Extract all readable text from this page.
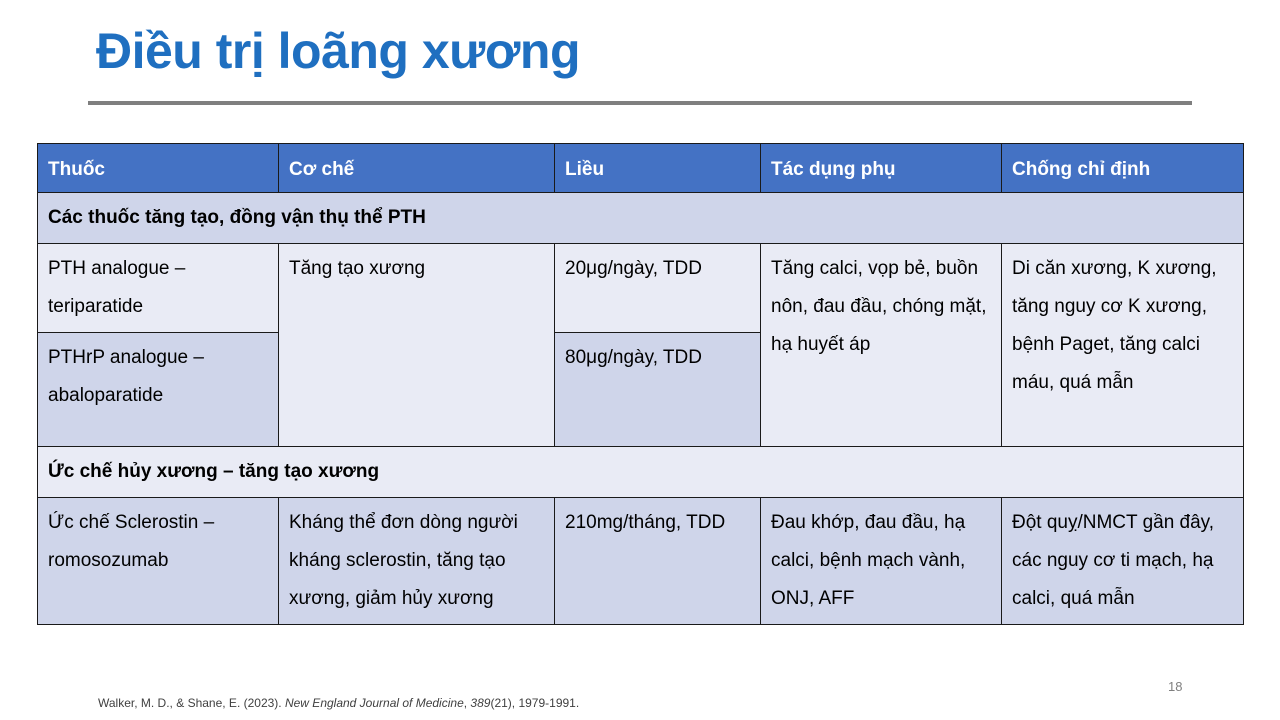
Điều trị loãng xương
Thuốc	Cơ chế	Liều	Tác dụng phụ	Chống chỉ định
Các thuốc tăng tạo, đồng vận thụ thể PTH				
PTH analogue – teriparatide	Tăng tạo xương	20μg/ngày, TDD	Tăng calci, vọp bẻ, buồn nôn, đau đầu, chóng mặt, hạ huyết áp	Di căn xương, K xương, tăng nguy cơ K xương, bệnh Paget, tăng calci máu, quá mẫn
PTHrP analogue – abaloparatide		80μg/ngày, TDD		
Ức chế hủy xương – tăng tạo xương				
Ức chế Sclerostin – romosozumab	Kháng thể đơn dòng người kháng sclerostin, tăng tạo xương, giảm hủy xương	210mg/tháng, TDD	Đau khớp, đau đầu, hạ calci, bệnh mạch vành, ONJ, AFF	Đột quỵ/NMCT gần đây, các nguy cơ ti mạch, hạ calci, quá mẫn
18
Walker, M. D., & Shane, E. (2023). New England Journal of Medicine, 389(21), 1979-1991.
